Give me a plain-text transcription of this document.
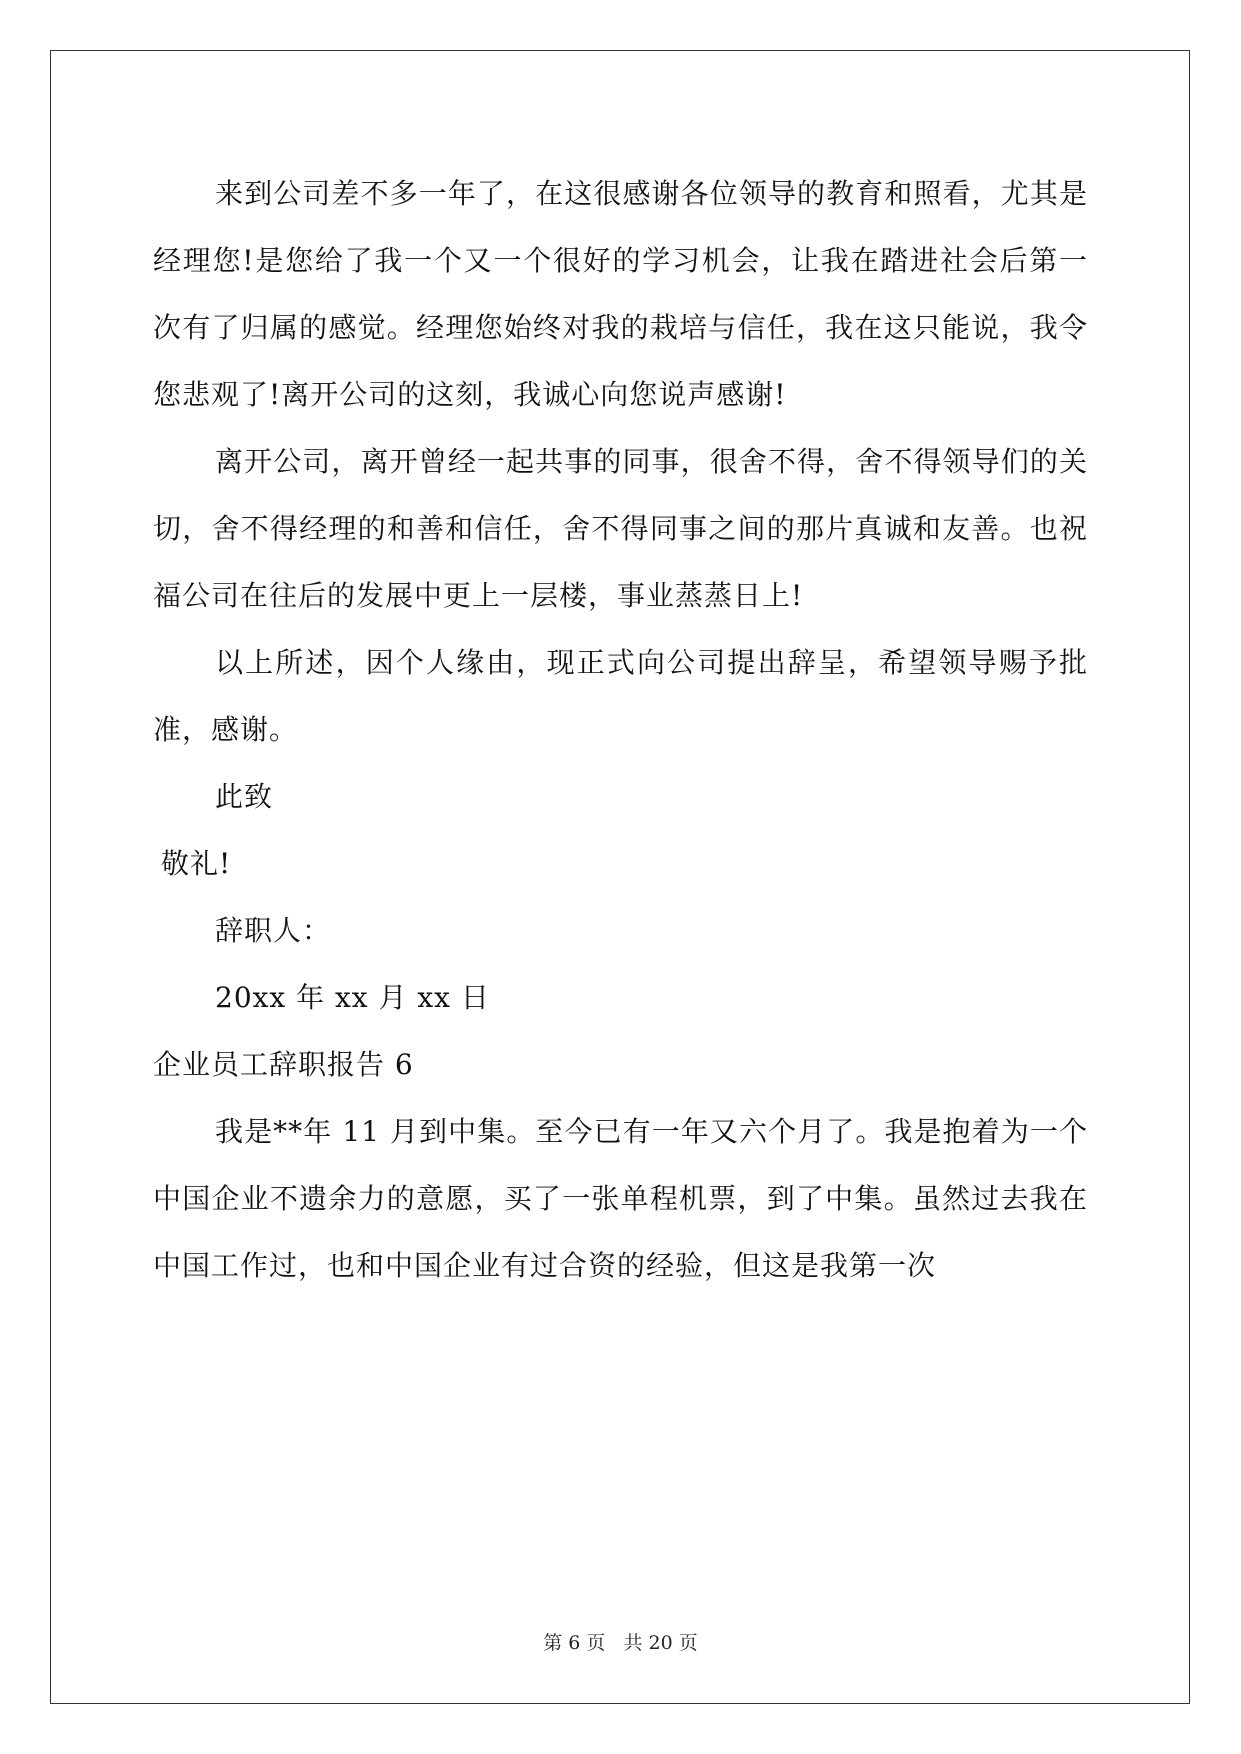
来到公司差不多一年了，在这很感谢各位领导的教育和照看，尤其是经理您!是您给了我一个又一个很好的学习机会，让我在踏进社会后第一次有了归属的感觉。经理您始终对我的栽培与信任，我在这只能说，我令您悲观了!离开公司的这刻，我诚心向您说声感谢!

离开公司，离开曾经一起共事的同事，很舍不得，舍不得领导们的关切，舍不得经理的和善和信任，舍不得同事之间的那片真诚和友善。也祝福公司在往后的发展中更上一层楼，事业蒸蒸日上!

以上所述，因个人缘由，现正式向公司提出辞呈，希望领导赐予批准，感谢。

此致

敬礼!

辞职人：

20xx 年 xx 月 xx 日

企业员工辞职报告 6

我是**年 11 月到中集。至今已有一年又六个月了。我是抱着为一个中国企业不遗余力的意愿，买了一张单程机票，到了中集。虽然过去我在中国工作过，也和中国企业有过合资的经验，但这是我第一次

第 6 页 共 20 页
